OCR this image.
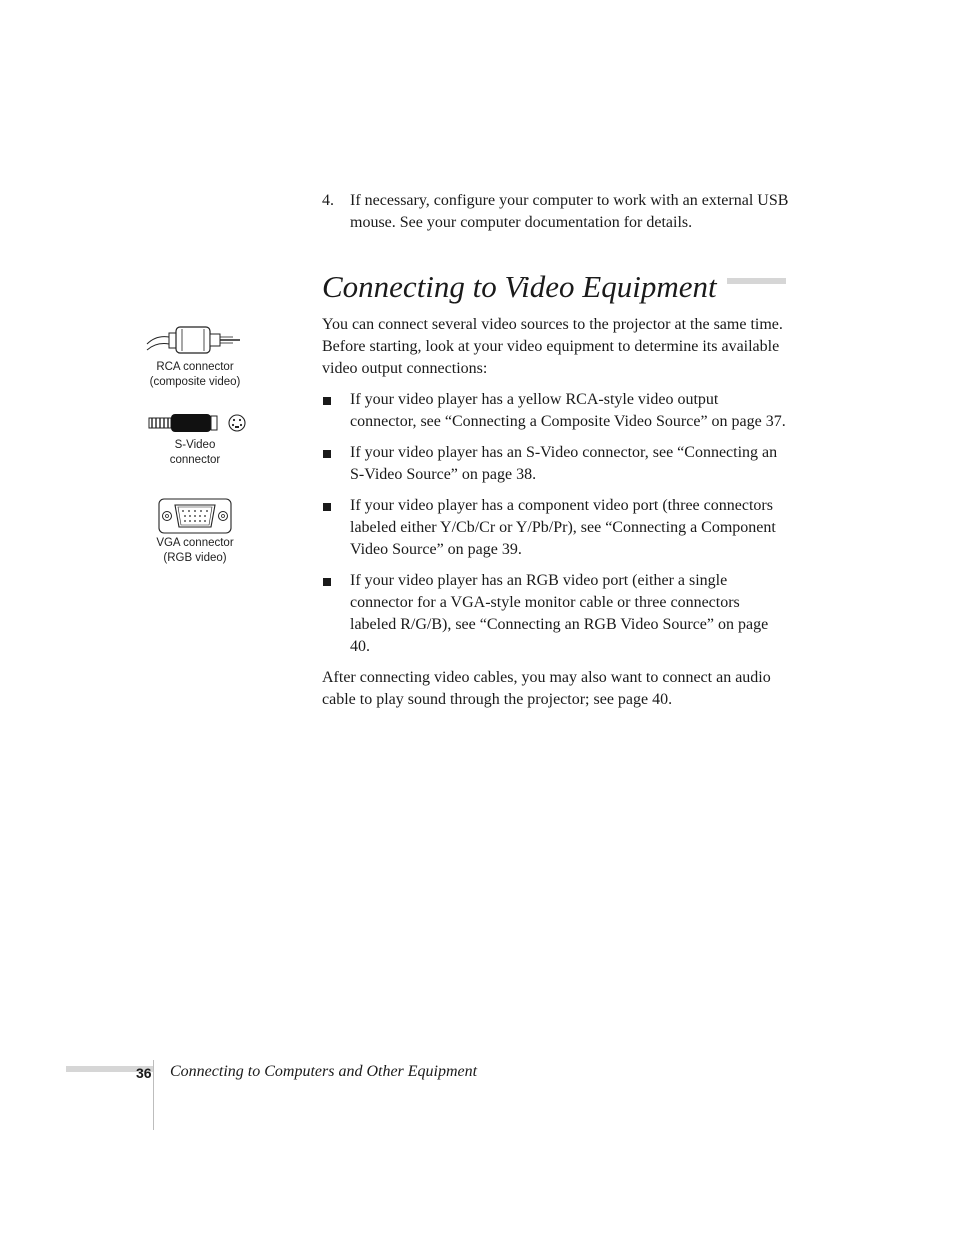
4. If necessary, configure your computer to work with an external USB mouse. See your computer documentation for details.
Connecting to Video Equipment

You can connect several video sources to the projector at the same time. Before starting, look at your video equipment to determine its available video output connections:

If your video player has a yellow RCA-style video output connector, see “Connecting a Composite Video Source” on page 37.
If your video player has an S-Video connector, see “Connecting an S-Video Source” on page 38.
If your video player has a component video port (three connectors labeled either Y/Cb/Cr or Y/Pb/Pr), see “Connecting a Component Video Source” on page 39.
If your video player has an RGB video port (either a single connector for a VGA-style monitor cable or three connectors labeled R/G/B), see “Connecting an RGB Video Source” on page 40.

After connecting video cables, you may also want to connect an audio cable to play sound through the projector; see page 40.

RCA connector
(composite video)
S-Video
connector
VGA connector
(RGB video)
36 Connecting to Computers and Other Equipment
